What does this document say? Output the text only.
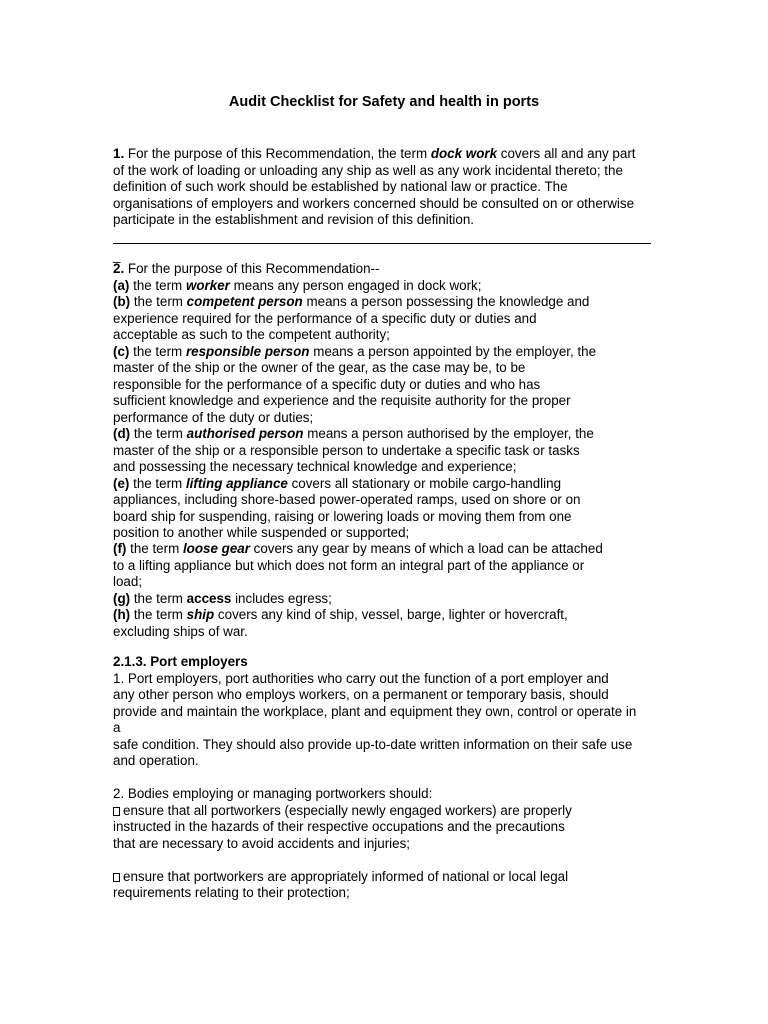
Audit Checklist for Safety and health in ports
1. For the purpose of this Recommendation, the term dock work covers all and any part
of the work of loading or unloading any ship as well as any work incidental thereto; the
definition of such work should be established by national law or practice. The
organisations of employers and workers concerned should be consulted on or otherwise
participate in the establishment and revision of this definition.
_
2. For the purpose of this Recommendation--
(a) the term worker means any person engaged in dock work;
(b) the term competent person means a person possessing the knowledge and
experience required for the performance of a specific duty or duties and
acceptable as such to the competent authority;
(c) the term responsible person means a person appointed by the employer, the
master of the ship or the owner of the gear, as the case may be, to be
responsible for the performance of a specific duty or duties and who has
sufficient knowledge and experience and the requisite authority for the proper
performance of the duty or duties;
(d) the term authorised person means a person authorised by the employer, the
master of the ship or a responsible person to undertake a specific task or tasks
and possessing the necessary technical knowledge and experience;
(e) the term lifting appliance covers all stationary or mobile cargo-handling
appliances, including shore-based power-operated ramps, used on shore or on
board ship for suspending, raising or lowering loads or moving them from one
position to another while suspended or supported;
(f) the term loose gear covers any gear by means of which a load can be attached
to a lifting appliance but which does not form an integral part of the appliance or
load;
(g) the term access includes egress;
(h) the term ship covers any kind of ship, vessel, barge, lighter or hovercraft,
excluding ships of war.
2.1.3. Port employers
1. Port employers, port authorities who carry out the function of a port employer and
any other person who employs workers, on a permanent or temporary basis, should
provide and maintain the workplace, plant and equipment they own, control or operate in
a
safe condition. They should also provide up-to-date written information on their safe use
and operation.
2. Bodies employing or managing portworkers should:
ensure that all portworkers (especially newly engaged workers) are properly
instructed in the hazards of their respective occupations and the precautions
that are necessary to avoid accidents and injuries;
ensure that portworkers are appropriately informed of national or local legal
requirements relating to their protection;
